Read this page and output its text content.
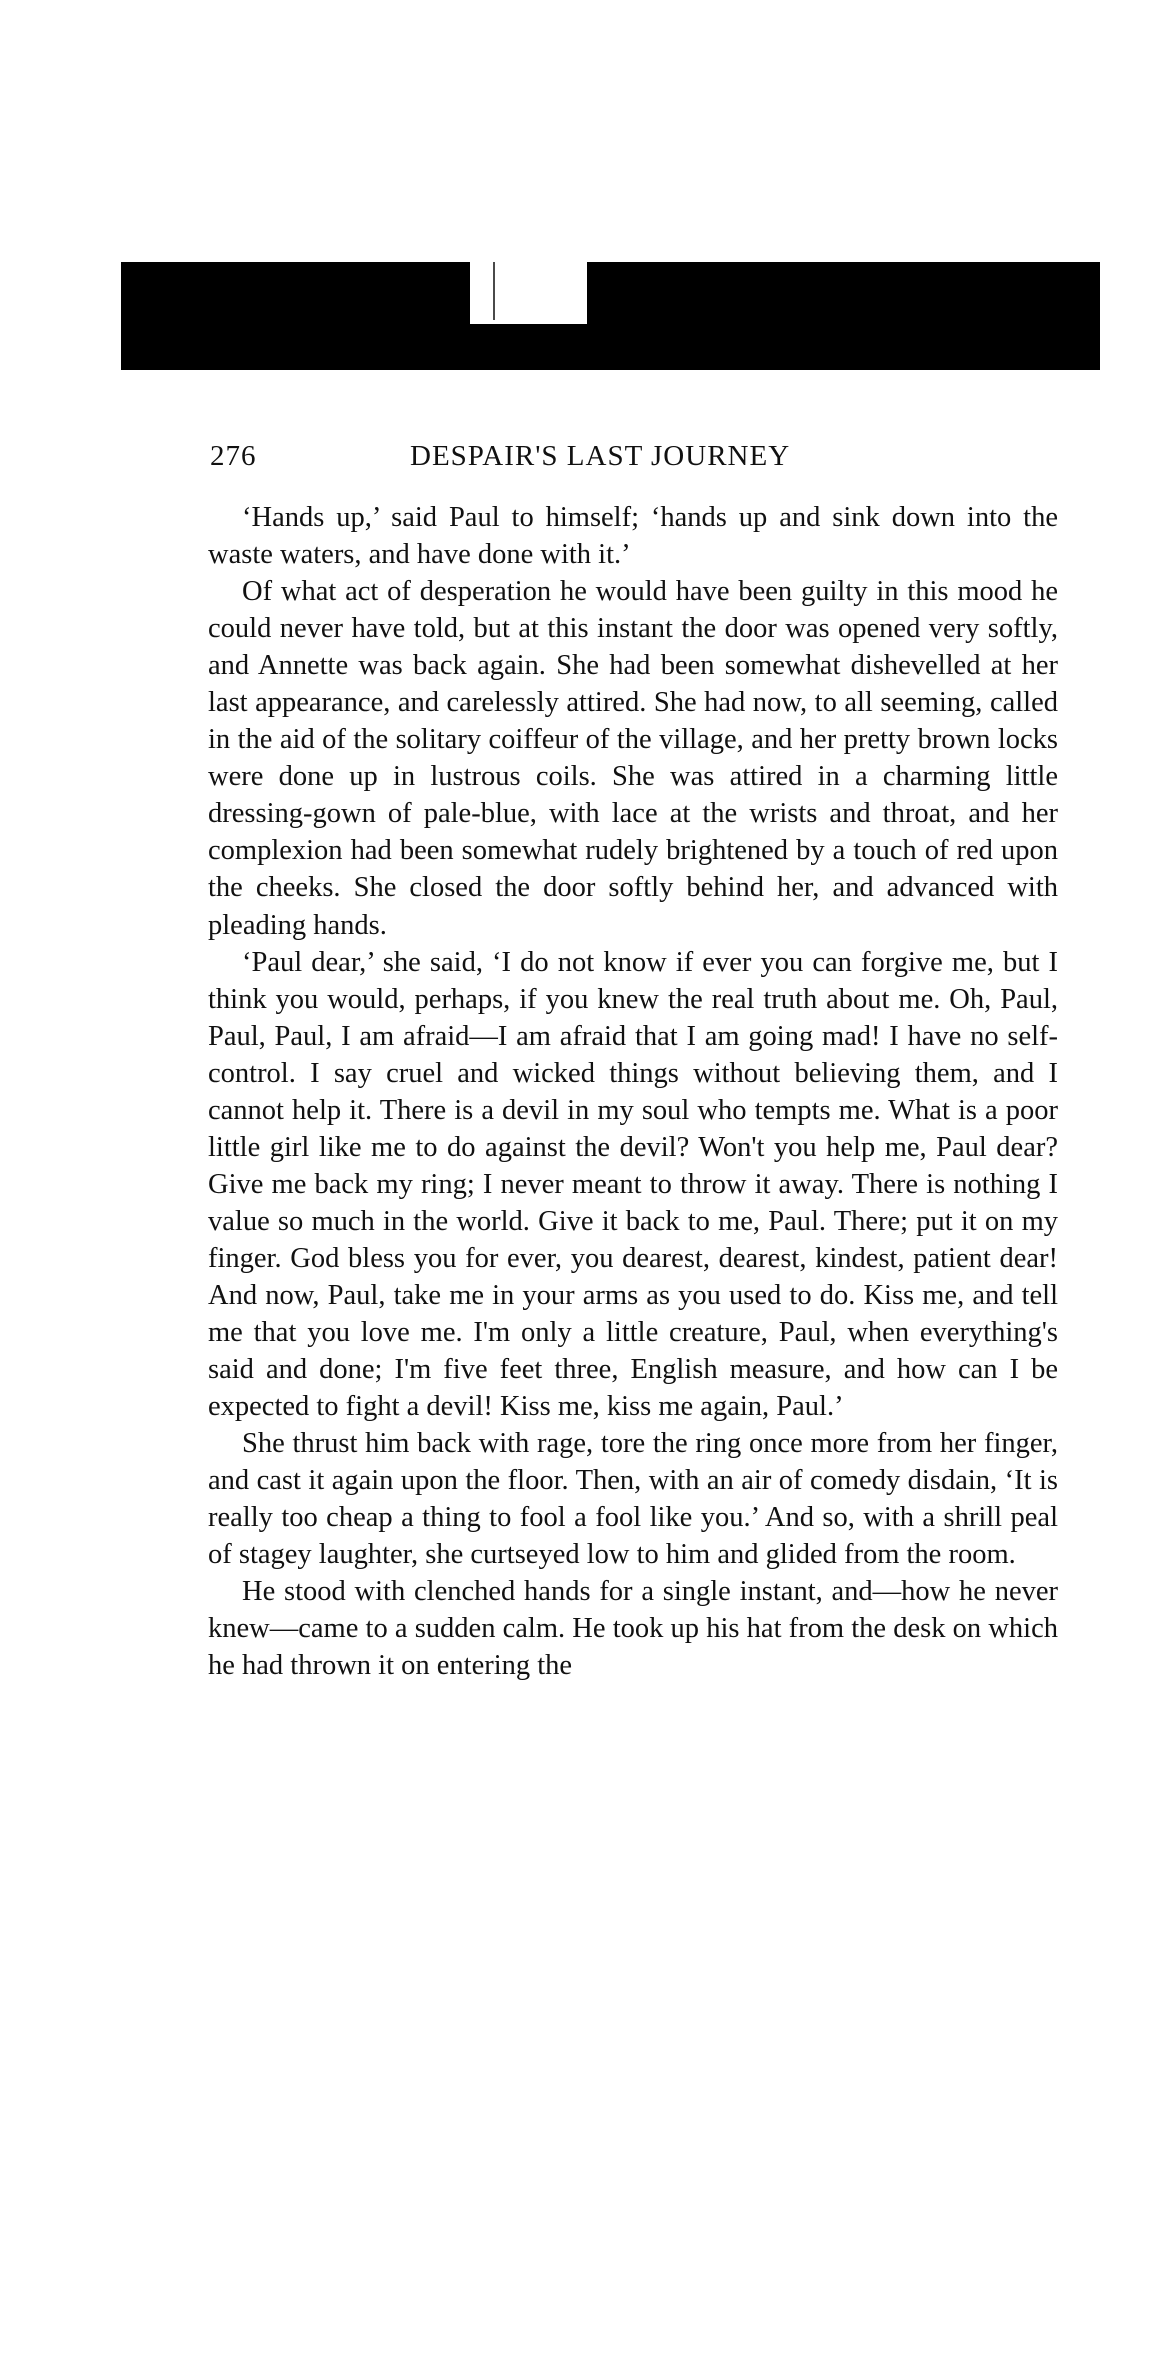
276	DESPAIR'S LAST JOURNEY

‘Hands up,’ said Paul to himself; ‘hands up and sink down into the waste waters, and have done with it.’

Of what act of desperation he would have been guilty in this mood he could never have told, but at this instant the door was opened very softly, and Annette was back again. She had been somewhat dishevelled at her last appearance, and carelessly attired. She had now, to all seeming, called in the aid of the solitary coiffeur of the village, and her pretty brown locks were done up in lustrous coils. She was attired in a charming little dressing-gown of pale-blue, with lace at the wrists and throat, and her complexion had been somewhat rudely brightened by a touch of red upon the cheeks. She closed the door softly behind her, and advanced with pleading hands.

‘Paul dear,’ she said, ‘I do not know if ever you can forgive me, but I think you would, perhaps, if you knew the real truth about me. Oh, Paul, Paul, Paul, I am afraid—I am afraid that I am going mad! I have no self-control. I say cruel and wicked things without believing them, and I cannot help it. There is a devil in my soul who tempts me. What is a poor little girl like me to do against the devil? Won't you help me, Paul dear? Give me back my ring; I never meant to throw it away. There is nothing I value so much in the world. Give it back to me, Paul. There; put it on my finger. God bless you for ever, you dearest, dearest, kindest, patient dear! And now, Paul, take me in your arms as you used to do. Kiss me, and tell me that you love me. I'm only a little creature, Paul, when everything's said and done; I'm five feet three, English measure, and how can I be expected to fight a devil! Kiss me, kiss me again, Paul.’

She thrust him back with rage, tore the ring once more from her finger, and cast it again upon the floor. Then, with an air of comedy disdain, ‘It is really too cheap a thing to fool a fool like you.’ And so, with a shrill peal of stagey laughter, she curtseyed low to him and glided from the room.

He stood with clenched hands for a single instant, and—how he never knew—came to a sudden calm. He took up his hat from the desk on which he had thrown it on entering the
